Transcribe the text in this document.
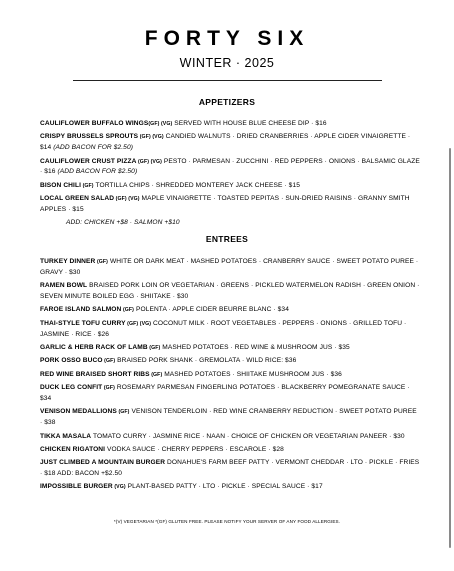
FORTY SIX
WINTER · 2025
APPETIZERS
CAULIFLOWER BUFFALO WINGS(GF) (VG) SERVED WITH HOUSE BLUE CHEESE DIP · $16
CRISPY BRUSSELS SPROUTS (GF) (VG) CANDIED WALNUTS · DRIED CRANBERRIES · APPLE CIDER VINAIGRETTE · $14 (ADD BACON FOR $2.50)
CAULIFLOWER CRUST PIZZA (GF) (VG) PESTO · PARMESAN · ZUCCHINI · RED PEPPERS · ONIONS · BALSAMIC GLAZE · $16 (ADD BACON FOR $2.50)
BISON CHILI (GF) TORTILLA CHIPS · SHREDDED MONTEREY JACK CHEESE · $15
LOCAL GREEN SALAD (GF) (VG) MAPLE VINAIGRETTE · TOASTED PEPITAS · SUN-DRIED RAISINS · GRANNY SMITH APPLES · $15
ADD: CHICKEN +$8 · SALMON +$10
ENTREES
TURKEY DINNER (GF) WHITE OR DARK MEAT · MASHED POTATOES · CRANBERRY SAUCE · SWEET POTATO PUREE · GRAVY · $30
RAMEN BOWL BRAISED PORK LOIN OR VEGETARIAN · GREENS · PICKLED WATERMELON RADISH · GREEN ONION · SEVEN MINUTE BOILED EGG · SHIITAKE · $30
FAROE ISLAND SALMON (GF) POLENTA · APPLE CIDER BEURRE BLANC · $34
THAI-STYLE TOFU CURRY (GF) (VG) COCONUT MILK · ROOT VEGETABLES · PEPPERS · ONIONS · GRILLED TOFU · JASMINE · RICE · $26
GARLIC & HERB RACK OF LAMB (GF) MASHED POTATOES · RED WINE & MUSHROOM JUS · $35
PORK OSSO BUCO (GF) BRAISED PORK SHANK · GREMOLATA · WILD RICE: $36
RED WINE BRAISED SHORT RIBS (GF) MASHED POTATOES · SHIITAKE MUSHROOM JUS · $36
DUCK LEG CONFIT (GF) ROSEMARY PARMESAN FINGERLING POTATOES · BLACKBERRY POMEGRANATE SAUCE · $34
VENISON MEDALLIONS (GF) VENISON TENDERLOIN · RED WINE CRANBERRY REDUCTION · SWEET POTATO PUREE · $38
TIKKA MASALA TOMATO CURRY · JASMINE RICE · NAAN · CHOICE OF CHICKEN OR VEGETARIAN PANEER · $30
CHICKEN RIGATONI VODKA SAUCE · CHERRY PEPPERS · ESCAROLE · $28
JUST CLIMBED A MOUNTAIN BURGER DONAHUE'S FARM BEEF PATTY · VERMONT CHEDDAR · LTO · PICKLE · FRIES · $18 ADD: BACON +$2.50
IMPOSSIBLE BURGER (VG) PLANT-BASED PATTY · LTO · PICKLE · SPECIAL SAUCE · $17
*(V) VEGETARIAN *(GF) GLUTEN FREE. PLEASE NOTIFY YOUR SERVER OF ANY FOOD ALLERGIES.
